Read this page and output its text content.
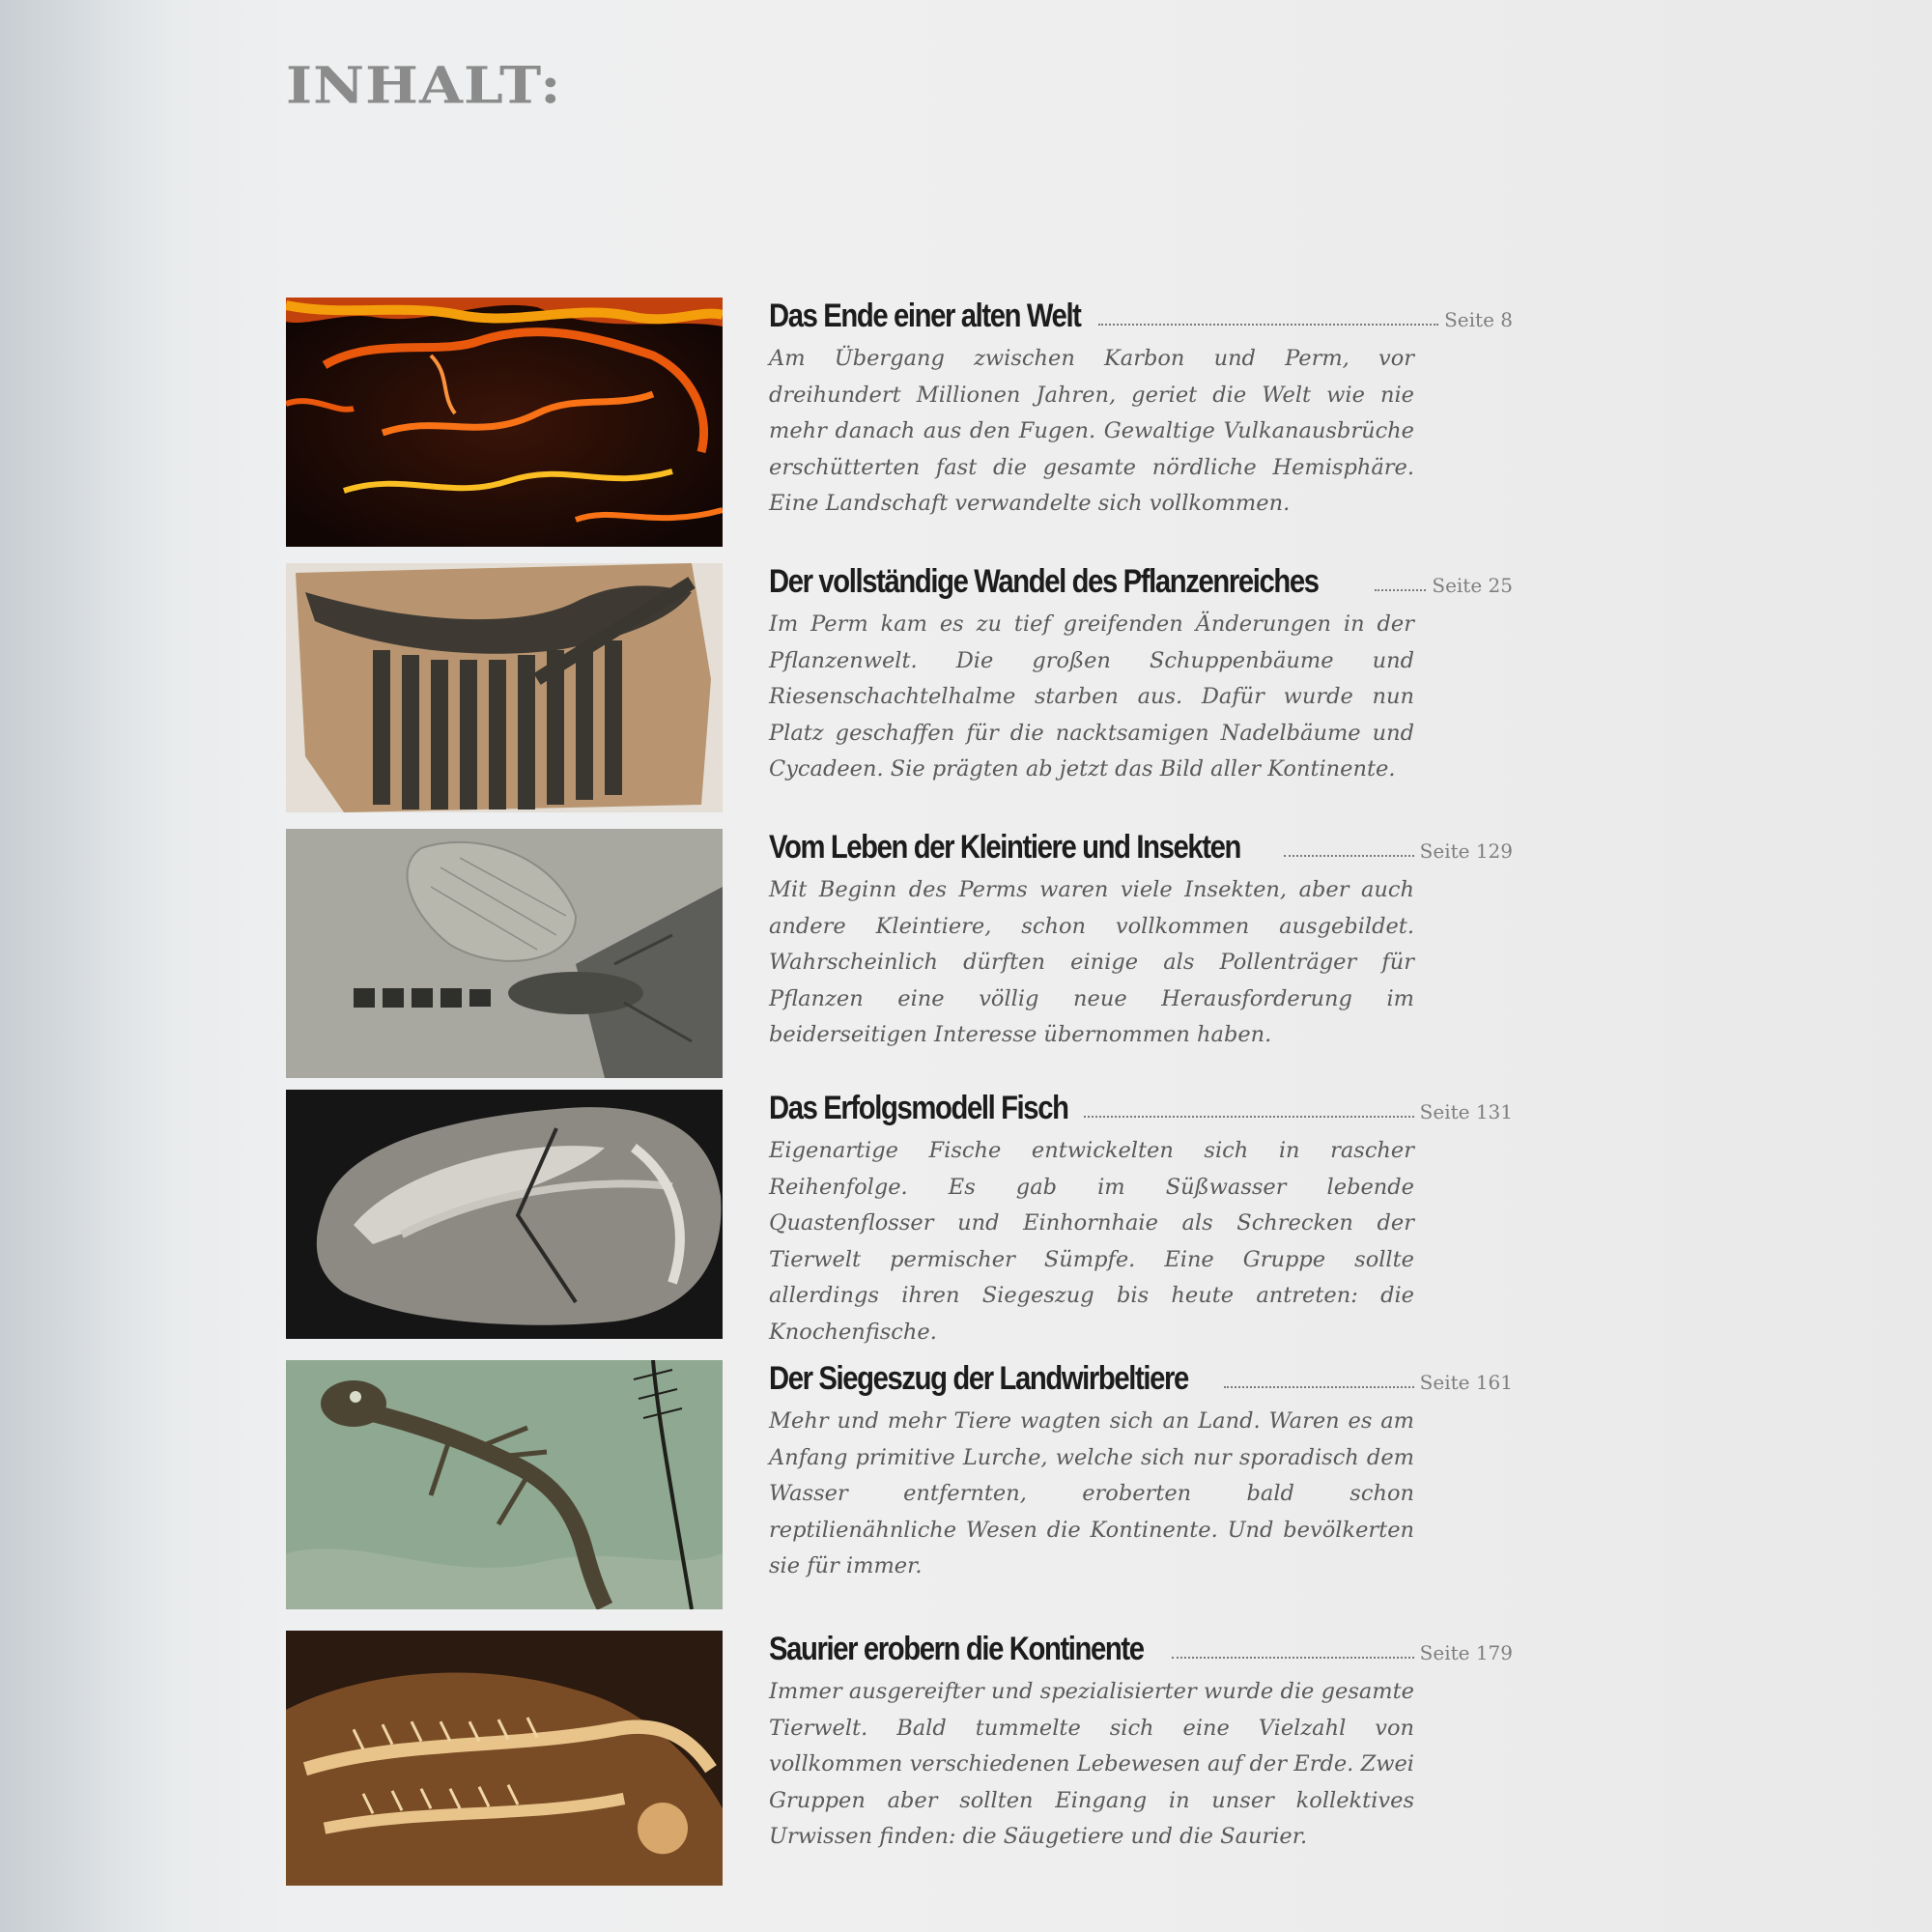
INHALT:
Das Ende einer alten Welt	Seite 8
Am Übergang zwischen Karbon und Perm, vor dreihundert Millionen Jahren, geriet die Welt wie nie mehr danach aus den Fugen. Gewaltige Vulkanausbrüche erschütterten fast die gesamte nördliche Hemisphäre. Eine Landschaft verwandelte sich vollkommen.
Der vollständige Wandel des Pflanzenreiches	Seite 25
Im Perm kam es zu tief greifenden Änderungen in der Pflanzenwelt. Die großen Schuppenbäume und Riesenschachtelhalme starben aus. Dafür wurde nun Platz geschaffen für die nacktsamigen Nadelbäume und Cycadeen. Sie prägten ab jetzt das Bild aller Kontinente.
Vom Leben der Kleintiere und Insekten	Seite 129
Mit Beginn des Perms waren viele Insekten, aber auch andere Kleintiere, schon vollkommen ausgebildet. Wahrscheinlich dürften einige als Pollenträger für Pflanzen eine völlig neue Herausforderung im beiderseitigen Interesse übernommen haben.
Das Erfolgsmodell Fisch	Seite 131
Eigenartige Fische entwickelten sich in rascher Reihenfolge. Es gab im Süßwasser lebende Quastenflosser und Einhornhaie als Schrecken der Tierwelt permischer Sümpfe. Eine Gruppe sollte allerdings ihren Siegeszug bis heute antreten: die Knochenfische.
Der Siegeszug der Landwirbeltiere	Seite 161
Mehr und mehr Tiere wagten sich an Land. Waren es am Anfang primitive Lurche, welche sich nur sporadisch dem Wasser entfernten, eroberten bald schon reptilienähnliche Wesen die Kontinente. Und bevölkerten sie für immer.
Saurier erobern die Kontinente	Seite 179
Immer ausgereifter und spezialisierter wurde die gesamte Tierwelt. Bald tummelte sich eine Vielzahl von vollkommen verschiedenen Lebewesen auf der Erde. Zwei Gruppen aber sollten Eingang in unser kollektives Urwissen finden: die Säugetiere und die Saurier.
